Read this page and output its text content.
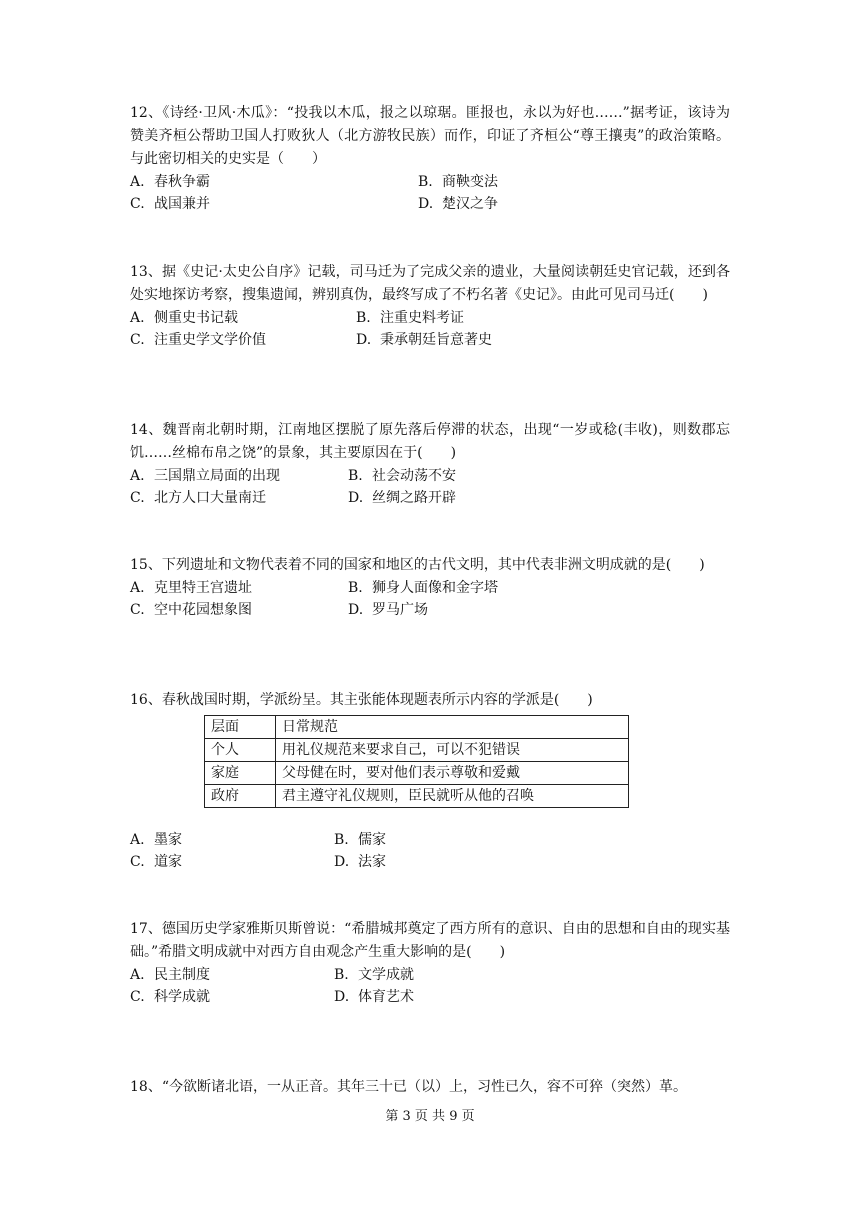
12、《诗经·卫风·木瓜》：“投我以木瓜，报之以琼琚。匪报也，永以为好也……”据考证，该诗为赞美齐桓公帮助卫国人打败狄人（北方游牧民族）而作，印证了齐桓公“尊王攘夷”的政治策略。与此密切相关的史实是（　　）

A. 春秋争霸	B. 商鞅变法
C. 战国兼并	D. 楚汉之争

13、据《史记·太史公自序》记载，司马迁为了完成父亲的遗业，大量阅读朝廷史官记载，还到各处实地探访考察，搜集遗闻，辨别真伪，最终写成了不朽名著《史记》。由此可见司马迁(　　)

A. 侧重史书记载	B. 注重史料考证
C. 注重史学文学价值	D. 秉承朝廷旨意著史

14、魏晋南北朝时期，江南地区摆脱了原先落后停滞的状态，出现“一岁或稔(丰收)，则数郡忘饥……丝棉布帛之饶”的景象，其主要原因在于(　　)

A. 三国鼎立局面的出现	B. 社会动荡不安
C. 北方人口大量南迁	D. 丝绸之路开辟

15、下列遗址和文物代表着不同的国家和地区的古代文明，其中代表非洲文明成就的是(　　)

A. 克里特王宫遗址	B. 狮身人面像和金字塔
C. 空中花园想象图	D. 罗马广场

16、春秋战国时期，学派纷呈。其主张能体现题表所示内容的学派是(　　)

层面	日常规范
个人	用礼仪规范来要求自己，可以不犯错误
家庭	父母健在时，要对他们表示尊敬和爱戴
政府	君主遵守礼仪规则，臣民就听从他的召唤
A. 墨家	B. 儒家
C. 道家	D. 法家

17、德国历史学家雅斯贝斯曾说：“希腊城邦奠定了西方所有的意识、自由的思想和自由的现实基础。”希腊文明成就中对西方自由观念产生重大影响的是(　　)

A. 民主制度	B. 文学成就
C. 科学成就	D. 体育艺术

18、“今欲断诸北语，一从正音。其年三十已（以）上，习性已久，容不可猝（突然）革。

第 3 页 共 9 页
